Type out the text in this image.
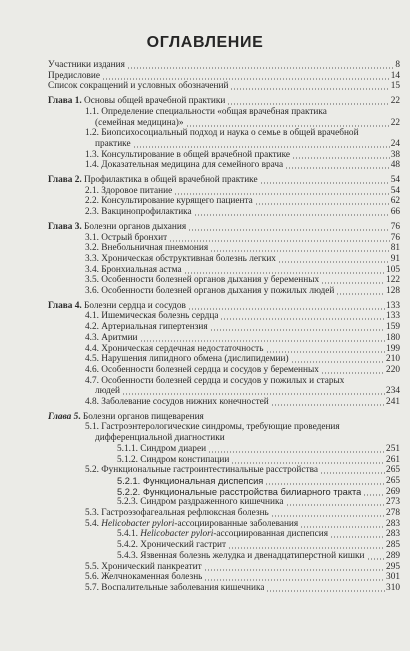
ОГЛАВЛЕНИЕ
Участники издания	8
Предисловие	14
Список сокращений и условных обозначений	15
Глава 1. Основы общей врачебной практики	22
1.1. Определение специальности «общая врачебная практика
(семейная медицина)»	22
1.2. Биопсихосоциальный подход и наука о семье в общей врачебной
практике	24
1.3. Консультирование в общей врачебной практике	38
1.4. Доказательная медицина для семейного врача	48
Глава 2. Профилактика в общей врачебной практике	54
2.1. Здоровое питание	54
2.2. Консультирование курящего пациента	62
2.3. Вакцинопрофилактика	66
Глава 3. Болезни органов дыхания	76
3.1. Острый бронхит	76
3.2. Внебольничная пневмония	81
3.3. Хроническая обструктивная болезнь легких	91
3.4. Бронхиальная астма	105
3.5. Особенности болезней органов дыхания у беременных	122
3.6. Особенности болезней органов дыхания у пожилых людей	128
Глава 4. Болезни сердца и сосудов	133
4.1. Ишемическая болезнь сердца	133
4.2. Артериальная гипертензия	159
4.3. Аритмии	180
4.4. Хроническая сердечная недостаточность	199
4.5. Нарушения липидного обмена (дислипидемии)	210
4.6. Особенности болезней сердца и сосудов у беременных	220
4.7. Особенности болезней сердца и сосудов у пожилых и старых
людей	234
4.8. Заболевание сосудов нижних конечностей	241
Глава 5. Болезни органов пищеварения
5.1. Гастроэнтерологические синдромы, требующие проведения
дифференциальной диагностики
5.1.1. Синдром диареи	251
5.1.2. Синдром констипации	261
5.2. Функциональные гастроинтестинальные расстройства	265
5.2.1. Функциональная диспепсия	265
5.2.2. Функциональные расстройства билиарного тракта	269
5.2.3. Синдром раздраженного кишечника	273
5.3. Гастроэзофагеальная рефлюксная болезнь	278
5.4. Helicobacter pylori-ассоциированные заболевания	283
5.4.1. Helicobacter pylori-ассоциированная диспепсия	283
5.4.2. Хронический гастрит	285
5.4.3. Язвенная болезнь желудка и двенадцатиперстной кишки 289
5.5. Хронический панкреатит	295
5.6. Желчнокаменная болезнь	301
5.7. Воспалительные заболевания кишечника	310
